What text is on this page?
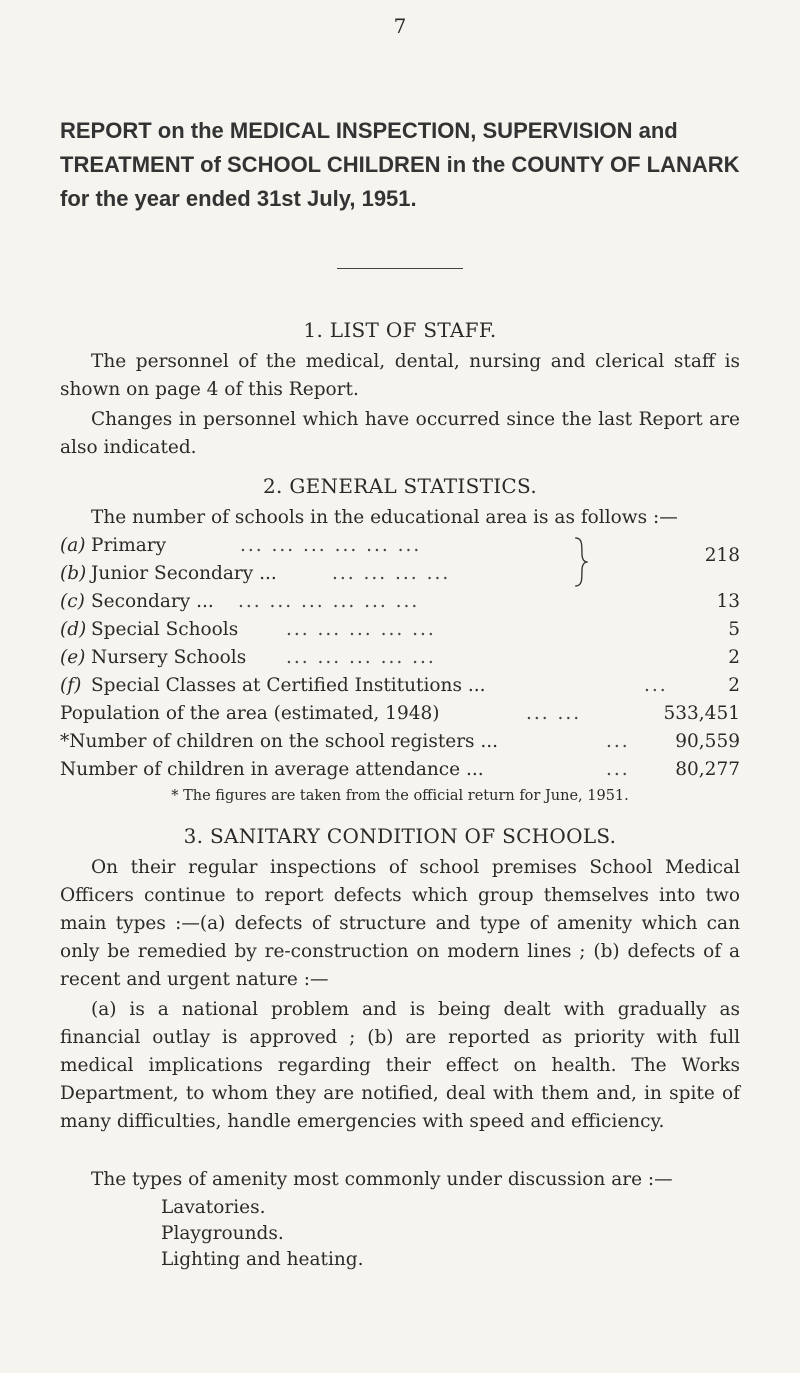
7
REPORT on the MEDICAL INSPECTION, SUPERVISION and TREATMENT of SCHOOL CHILDREN in the COUNTY OF LANARK for the year ended 31st July, 1951.
1. LIST OF STAFF.
The personnel of the medical, dental, nursing and clerical staff is shown on page 4 of this Report.
Changes in personnel which have occurred since the last Report are also indicated.
2. GENERAL STATISTICS.
The number of schools in the educational area is as follows :—
(a) Primary	... ... ... ... ... ...
(b) Junior Secondary ...	... ... ... ...
218
(c) Secondary ... ... ... ... ... ... ...	13
(d) Special Schools	... ... ... ... ...	5
(e) Nursery Schools ... ... ... ... ...	2
(f) Special Classes at Certified Institutions ...	...	2
Population of the area (estimated, 1948)	... ...	533,451
*Number of children on the school registers ...	... 90,559
Number of children in average attendance ...	... 80,277
* The figures are taken from the official return for June, 1951.
3. SANITARY CONDITION OF SCHOOLS.
On their regular inspections of school premises School Medical Officers continue to report defects which group themselves into two main types :—(a) defects of structure and type of amenity which can only be remedied by re-construction on modern lines ; (b) defects of a recent and urgent nature :—
(a) is a national problem and is being dealt with gradually as financial outlay is approved ; (b) are reported as priority with full medical implications regarding their effect on health. The Works Department, to whom they are notified, deal with them and, in spite of many difficulties, handle emergencies with speed and efficiency.
The types of amenity most commonly under discussion are :—
Lavatories.
Playgrounds.
Lighting and heating.
